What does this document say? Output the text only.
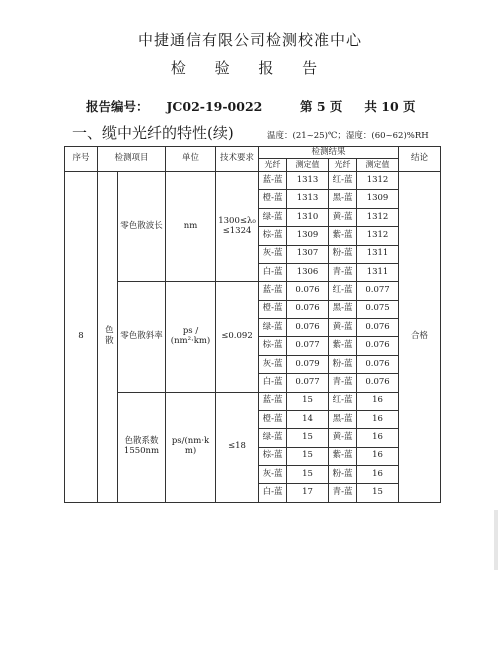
中捷通信有限公司检测校准中心
检 验 报 告
报告编号： JC02-19-0022	第 5 页 共 10 页
一、缆中光纤的特性(续)	温度：(21~25)℃；湿度：(60~62)%RH
序号	检测项目		单位	技术要求	检测结果				结论
					光纤	测定值	光纤	测定值	
8	色散	零色散波长	nm	1300≤λ₀ ≤1324	蓝-蓝	1313	红-蓝	1312	合格
					橙-蓝	1313	黑-蓝	1309	
					绿-蓝	1310	黄-蓝	1312	
					棕-蓝	1309	紫-蓝	1312	
					灰-蓝	1307	粉-蓝	1311	
					白-蓝	1306	青-蓝	1311	
		零色散斜率	ps / (nm²·km)	≤0.092	蓝-蓝	0.076	红-蓝	0.077	
					橙-蓝	0.076	黑-蓝	0.075	
					绿-蓝	0.076	黄-蓝	0.076	
					棕-蓝	0.077	紫-蓝	0.076	
					灰-蓝	0.079	粉-蓝	0.076	
					白-蓝	0.077	青-蓝	0.076	
		色散系数 1550nm	ps/(nm·k m)	≤18	蓝-蓝	15	红-蓝	16	
					橙-蓝	14	黑-蓝	16	
					绿-蓝	15	黄-蓝	16	
					棕-蓝	15	紫-蓝	16	
					灰-蓝	15	粉-蓝	16	
					白-蓝	17	青-蓝	15	
